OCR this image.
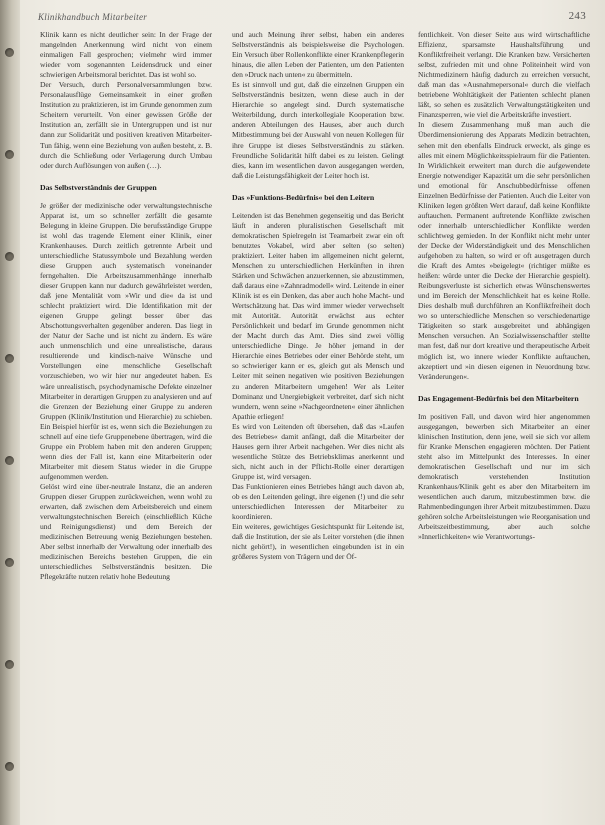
Klinikhandbuch Mitarbeiter	243

Klinik kann es nicht deutlicher sein: In der Frage der mangelnden Anerkennung wird nicht von einem einmaligen Fall gesprochen; vielmehr wird immer wieder vom sogenannten Leidensdruck und einer schwierigen Arbeitsmoral berichtet. Das ist wohl so.

Der Versuch, durch Personalversammlungen bzw. Personalausflüge Gemeinsamkeit in einer großen Institution zu praktizieren, ist im Grunde genommen zum Scheitern verurteilt. Von einer gewissen Größe der Institution an, zerfällt sie in Untergruppen und ist nur dann zur Solidarität und positiven kreativen Mitarbeiter-Tun fähig, wenn eine Beziehung von außen besteht, z. B. durch die Schließung oder Verlagerung durch Umbau oder durch Auflösungen von außen (…).

Das Selbstverständnis der Gruppen

Je größer der medizinische oder verwaltungstechnische Apparat ist, um so schneller zerfällt die gesamte Belegung in kleine Gruppen. Die berufsständige Gruppe ist wohl das tragende Element einer Klinik, einer Krankenhauses. Durch zeitlich getrennte Arbeit und unterschiedliche Statussymbole und Bezahlung werden diese Gruppen auch systematisch voneinander ferngehalten. Die Arbeitszusammenhänge innerhalb dieser Gruppen kann nur dadurch gewährleistet werden, daß jene Mentalität vom »Wir und die« da ist und schlecht praktiziert wird. Die Identifikation mit der eigenen Gruppe gelingt besser über das Abschottungsverhalten gegenüber anderen. Das liegt in der Natur der Sache und ist nicht zu ändern. Es wäre auch unmenschlich und eine unrealistische, daraus resultierende und kindisch-naive Wünsche und Vorstellungen eine menschliche Gesellschaft vorzuschieben, wo wir hier nur angedeutet haben. Es wäre unrealistisch, psychodynamische Defekte einzelner Mitarbeiter in derartigen Gruppen zu analysieren und auf die Grenzen der Beziehung einer Gruppe zu anderen Gruppen (Klinik/Institution und Hierarchie) zu schieben. Ein Beispiel hierfür ist es, wenn sich die Beziehungen zu schnell auf eine tiefe Gruppenebene übertragen, wird die Gruppe ein Problem haben mit den anderen Gruppen; wenn dies der Fall ist, kann eine Mitarbeiterin oder Mitarbeiter mit diesem Status wieder in die Gruppe aufgenommen werden.

Gelöst wird eine über-neutrale Instanz, die an anderen Gruppen dieser Gruppen zurückweichen, wenn wohl zu erwarten, daß zwischen dem Arbeitsbereich und einem verwaltungstechnischen Bereich (einschließlich Küche und Reinigungsdienst) und dem Bereich der medizinischen Betreuung wenig Beziehungen bestehen. Aber selbst innerhalb der Verwaltung oder innerhalb des medizinischen Bereichs bestehen Gruppen, die ein unterschiedliches Selbstverständnis besitzen. Die Pflegekräfte nutzen relativ hohe Bedeutung

und auch Meinung ihrer selbst, haben ein anderes Selbstverständnis als beispielsweise die Psychologen. Ein Versuch über Rollenkonflikte einer Krankenpflegerin hinaus, die allen Leben der Patienten, um den Patienten den »Druck nach unten« zu übermitteln.

Es ist sinnvoll und gut, daß die einzelnen Gruppen ein Selbstverständnis besitzen, wenn diese auch in der Hierarchie so angelegt sind. Durch systematische Weiterbildung, durch interkollegiale Kooperation bzw. anderen Abteilungen des Hauses, aber auch durch Mitbestimmung bei der Auswahl von neuen Kollegen für ihre Gruppe ist dieses Selbstverständnis zu stärken. Freundliche Solidarität hilft dabei es zu leisten. Gelingt dies, kann im wesentlichen davon ausgegangen werden, daß die Leistungsfähigkeit der Leiter hoch ist.

Das »Funktions-Bedürfnis« bei den Leitern

Leitenden ist das Benehmen gegenseitig und das Bericht läuft in anderen pluralistischen Gesellschaft mit demokratischen Spielregeln ist Teamarbeit zwar ein oft benutztes Vokabel, wird aber selten (so selten) praktiziert. Leiter haben im allgemeinen nicht gelernt, Menschen zu unterschiedlichen Herkünften in ihren Stärken und Schwächen anzuerkennen, sie abzustimmen, daß daraus eine »Zahnradmodell« wird. Leitende in einer Klinik ist es ein Denken, das aber auch hohe Macht- und Wertschätzung hat. Das wird immer wieder verwechselt mit Autorität. Autorität erwächst aus echter Persönlichkeit und bedarf im Grunde genommen nicht der Macht durch das Amt. Dies sind zwei völlig unterschiedliche Dinge. Je höher jemand in der Hierarchie eines Betriebes oder einer Behörde steht, um so schwieriger kann er es, gleich gut als Mensch und Leiter mit seinen negativen wie positiven Beziehungen zu anderen Mitarbeitern umgehen! Wer als Leiter Dominanz und Unergiebigkeit verbreitet, darf sich nicht wundern, wenn seine »Nachgeordneten« einer ähnlichen Apathie erliegen!

Es wird von Leitenden oft übersehen, daß das »Laufen des Betriebes« damit anfängt, daß die Mitarbeiter der Hauses gern ihrer Arbeit nachgehen. Wer dies nicht als wesentliche Stütze des Betriebsklimas anerkennt und sich, nicht auch in der Pflicht-Rolle einer derartigen Gruppe ist, wird versagen.

Das Funktionieren eines Betriebes hängt auch davon ab, ob es den Leitenden gelingt, ihre eigenen (!) und die sehr unterschiedlichen Interessen der Mitarbeiter zu koordinieren.

Ein weiteres, gewichtiges Gesichtspunkt für Leitende ist, daß die Institution, der sie als Leiter vorstehen (die ihnen nicht gehört!), in wesentlichen eingebunden ist in ein größeres System von Trägern und der Öf-

fentlichkeit. Von dieser Seite aus wird wirtschaftliche Effizienz, sparsamste Haushaltsführung und Konfliktfreiheit verlangt. Die Kranken bzw. Versicherten selbst, zufrieden mit und ohne Politeinheit wird von Nichtmedizinern häufig dadurch zu erreichen versucht, daß man das »Ausnahmepersonal« durch die vielfach betriebene Wohltätigkeit der Patienten schlecht planen läßt, so sehen es zusätzlich Verwaltungstätigkeiten und Finanzsperren, wie viel die Arbeitskräfte investiert.

In diesem Zusammenhang muß man auch die Überdimensionierung des Apparats Medizin betrachten, sehen mit den ebenfalls Eindruck erweckt, als ginge es alles mit einem Möglichkeitsspielraum für die Patienten. In Wirklichkeit erweitert man durch die aufgewendete Energie notwendiger Kapazität um die sehr persönlichen und emotional für Anschubbedürfnisse offenen Einzelnen Bedürfnisse der Patienten. Auch die Leiter von Kliniken legen größten Wert darauf, daß keine Konflikte auftauchen. Permanent auftretende Konflikte zwischen oder innerhalb unterschiedlicher Konflikte werden schlichtweg gemieden. In der Konflikt nicht mehr unter der Decke der Widerständigkeit und des Menschlichen aufgehoben zu halten, so wird er oft ausgetragen durch die Kraft des Amtes »beigelegt« (richtiger müßte es heißen: würde unter die Decke der Hierarchie gespielt). Reibungsverluste ist sicherlich etwas Wünschenswertes und im Bereich der Menschlichkeit hat es keine Rolle. Dies deshalb muß durchführen an Konfliktfreiheit doch wo so unterschiedliche Menschen so verschiedenartige Tätigkeiten so stark ausgebreitet und abhängigen Menschen versuchen. An Sozialwissenschaftler stellte man fest, daß nur dort kreative und therapeutische Arbeit möglich ist, wo innere wieder Konflikte auftauchen, akzeptiert und »in diesen eigenen in Neuordnung bzw. Veränderungen«.

Das Engagement-Bedürfnis bei den Mitarbeitern

Im positiven Fall, und davon wird hier angenommen ausgegangen, bewerben sich Mitarbeiter an einer klinischen Institution, denn jene, weil sie sich vor allem für Kranke Menschen engagieren möchten. Der Patient steht also im Mittelpunkt des Interesses. In einer demokratischen Gesellschaft und nur im sich demokratisch verstehenden Institution Krankenhaus/Klinik geht es aber den Mitarbeitern im wesentlichen auch darum, mitzubestimmen bzw. die Rahmenbedingungen ihrer Arbeit mitzubestimmen. Dazu gehören solche Arbeitsleistungen wie Reorganisation und Arbeitszeitbestimmung, aber auch solche »Innerlichkeiten« wie Verantwortungs-
